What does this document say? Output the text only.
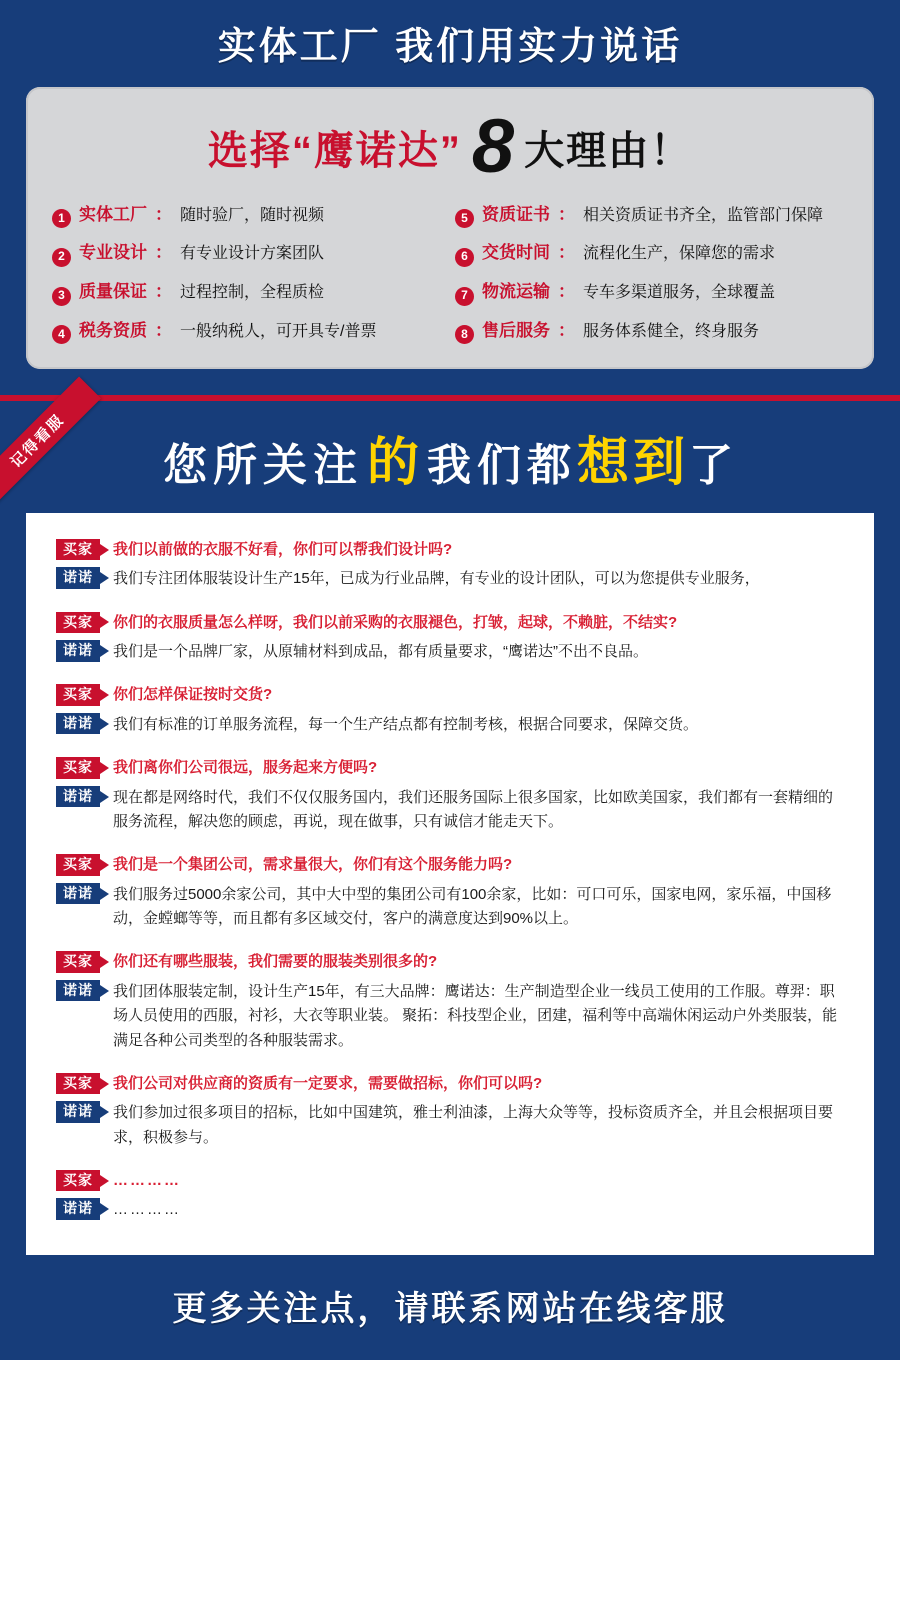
实体工厂 我们用实力说话
选择“鹰诺达” 8 大理由！
1 实体工厂 ： 随时验厂，随时视频	5 资质证书 ： 相关资质证书齐全，监管部门保障
2 专业设计 ： 有专业设计方案团队	6 交货时间 ： 流程化生产，保障您的需求
3 质量保证 ： 过程控制，全程质检	7 物流运输 ： 专车多渠道服务，全球覆盖
4 税务资质 ： 一般纳税人，可开具专/普票	8 售后服务 ： 服务体系健全，终身服务
记得看服	您所关注的我们都想到了
买家	我们以前做的衣服不好看，你们可以帮我们设计吗?
诺诺	我们专注团体服装设计生产15年，已成为行业品牌，有专业的设计团队，可以为您提供专业服务，
买家	你们的衣服质量怎么样呀，我们以前采购的衣服褪色，打皱，起球，不赖脏，不结实?
诺诺	我们是一个品牌厂家，从原辅材料到成品，都有质量要求，“鹰诺达”不出不良品。
买家	你们怎样保证按时交货?
诺诺	我们有标准的订单服务流程，每一个生产结点都有控制考核，根据合同要求，保障交货。
买家	我们离你们公司很远，服务起来方便吗?
诺诺	现在都是网络时代，我们不仅仅服务国内，我们还服务国际上很多国家，比如欧美国家，我们都有一套精细的服务流程，解决您的顾虑，再说，现在做事，只有诚信才能走天下。
买家	我们是一个集团公司，需求量很大，你们有这个服务能力吗?
诺诺	我们服务过5000余家公司，其中大中型的集团公司有100余家，比如：可口可乐，国家电网，家乐福，中国移动，金螳螂等等，而且都有多区域交付，客户的满意度达到90%以上。
买家	你们还有哪些服装，我们需要的服装类别很多的?
诺诺	我们团体服装定制，设计生产15年，有三大品牌：鹰诺达：生产制造型企业一线员工使用的工作服。尊羿：职场人员使用的西服，衬衫，大衣等职业装。 聚拓：科技型企业，团建，福利等中高端休闲运动户外类服装，能满足各种公司类型的各种服装需求。
买家	我们公司对供应商的资质有一定要求，需要做招标，你们可以吗?
诺诺	我们参加过很多项目的招标，比如中国建筑，雅士利油漆，上海大众等等，投标资质齐全，并且会根据项目要求，积极参与。
买家	…………
诺诺	…………
更多关注点，请联系网站在线客服
